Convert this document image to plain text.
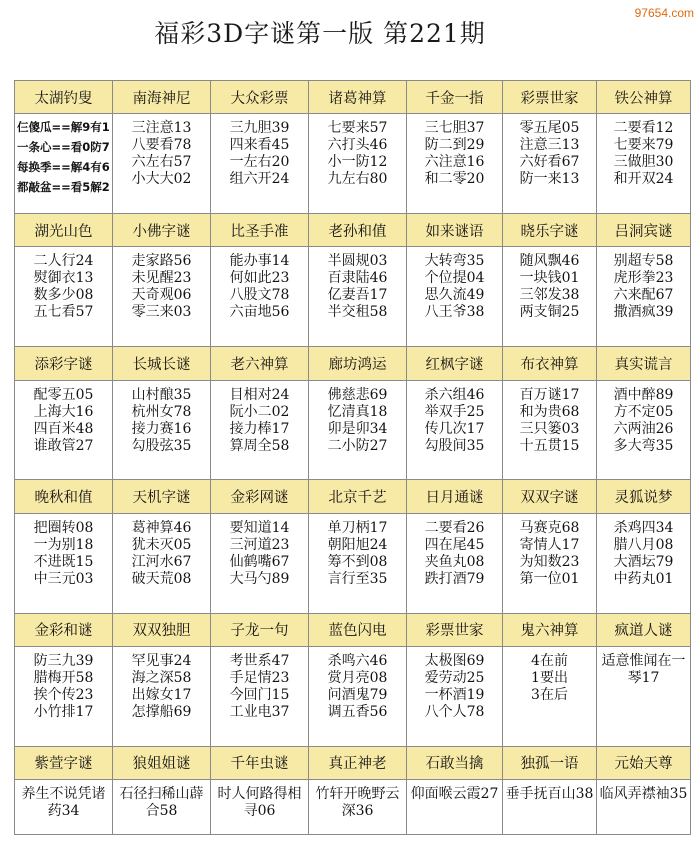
福彩3D字谜第一版 第221期
97654.com
太湖钓叟	南海神尼	大众彩票	诸葛神算	千金一指	彩票世家	铁公神算

仨傻瓜==解9有1
一条心==看0防7
每换季==解4有6
都敲盆==看5解2	三注意13
八要看78
六左右57
小大大02	三九胆39
四来看45
一左右20
组六开24	七要来57
六打头46
小一防12
九左右80	三七胆37
防二到29
六注意16
和二零20	零五尾05
注意三13
六好看67
防一来13	二要看12
七要来79
三做胆30
和开双24

湖光山色	小佛字谜	比圣手准	老孙和值	如来谜语	晓乐字谜	吕洞宾谜

二人行24
熨御衣13
数多少08
五七看57	走家路56
未见醒23
天奇观06
零三来03	能办事14
何如此23
八股文78
六亩地56	半圆规03
百隶陆46
亿妻吾17
半交租58	大转弯35
个位提04
思久流49
八王爷38	随风飘46
一块钱01
三邻发38
两支铜25	别超专58
虎形拳23
六来配67
撒酒疯39

添彩字谜	长城长谜	老六神算	廊坊鸿运	红枫字谜	布衣神算	真实谎言

配零五05
上海大16
四百米48
谁敢管27	山村酿35
杭州女78
接力赛16
勾股弦35	目相对24
阮小二02
接力棒17
算周全58	佛慈悲69
忆清真18
卯是卯34
二小防27	杀六组46
举双手25
传几次17
勾股间35	百万谜17
和为贵68
三只篓03
十五贯15	酒中醉89
方不定05
六两油26
多大弯35

晚秋和值	天机字谜	金彩网谜	北京千艺	日月通谜	双双字谜	灵狐说梦

把圈转08
一为别18
不进既15
中三元03	葛神算46
犹未灭05
江河水67
破天荒08	要知道14
三河道23
仙鹤嘴67
大马勺89	单刀柄17
朝阳旭24
筹不到08
言行至35	二要看26
四在尾45
夹鱼丸08
跌打酒79	马赛克68
寄情人17
为知数23
第一位01	杀鸡四34
腊八月08
大酒坛79
中药丸01

金彩和谜	双双独胆	子龙一句	蓝色闪电	彩票世家	鬼六神算	疯道人谜

防三九39
腊梅开58
挨个传23
小竹排17	罕见事24
海之深58
出嫁女17
怎撑船69	考世系47
手足情23
今回门15
工业电37	杀鸣六46
赏月亮08
问酒鬼79
调五香56	太极图69
爱劳动25
一杯酒19
八个人78	4在前
1要出
3在后	适意惟闻在一琴17

紫萱字谜	狼姐姐谜	千年虫谜	真正神老	石敢当擒	独孤一语	元始天尊

养生不说凭诸药34	石径扫稀山薜合58	时人何路得相寻06	竹轩开晚野云深36	仰面喉云霞27	垂手抚百山38	临风弄襟袖35
